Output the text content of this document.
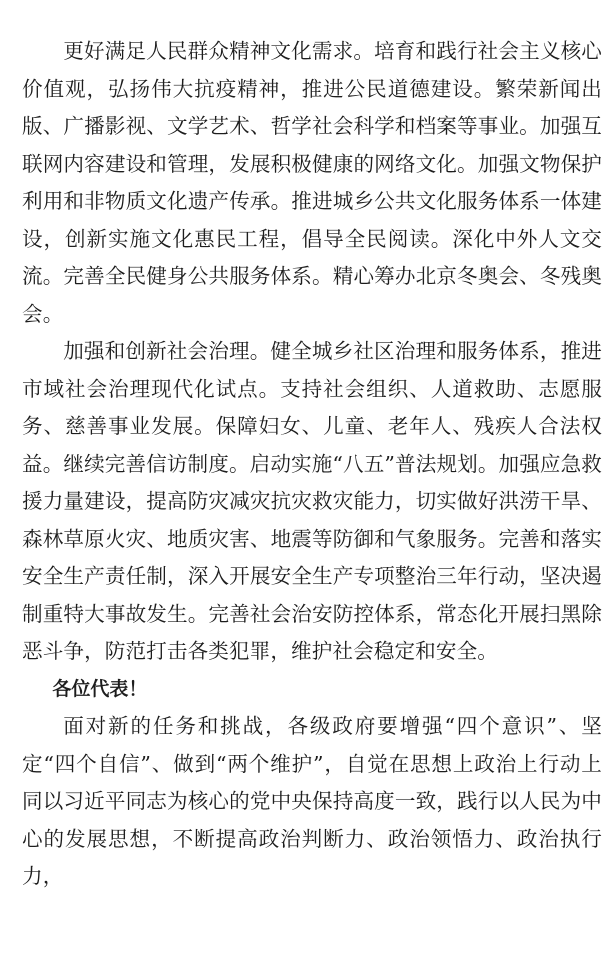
更好满足人民群众精神文化需求。培育和践行社会主义核心价值观，弘扬伟大抗疫精神，推进公民道德建设。繁荣新闻出版、广播影视、文学艺术、哲学社会科学和档案等事业。加强互联网内容建设和管理，发展积极健康的网络文化。加强文物保护利用和非物质文化遗产传承。推进城乡公共文化服务体系一体建设，创新实施文化惠民工程，倡导全民阅读。深化中外人文交流。完善全民健身公共服务体系。精心筹办北京冬奥会、冬残奥会。

加强和创新社会治理。健全城乡社区治理和服务体系，推进市域社会治理现代化试点。支持社会组织、人道救助、志愿服务、慈善事业发展。保障妇女、儿童、老年人、残疾人合法权益。继续完善信访制度。启动实施“八五”普法规划。加强应急救援力量建设，提高防灾减灾抗灾救灾能力，切实做好洪涝干旱、森林草原火灾、地质灾害、地震等防御和气象服务。完善和落实安全生产责任制，深入开展安全生产专项整治三年行动，坚决遏制重特大事故发生。完善社会治安防控体系，常态化开展扫黑除恶斗争，防范打击各类犯罪，维护社会稳定和安全。

各位代表！

面对新的任务和挑战，各级政府要增强“四个意识”、坚定“四个自信”、做到“两个维护”，自觉在思想上政治上行动上同以习近平同志为核心的党中央保持高度一致，践行以人民为中心的发展思想，不断提高政治判断力、政治领悟力、政治执行力，
